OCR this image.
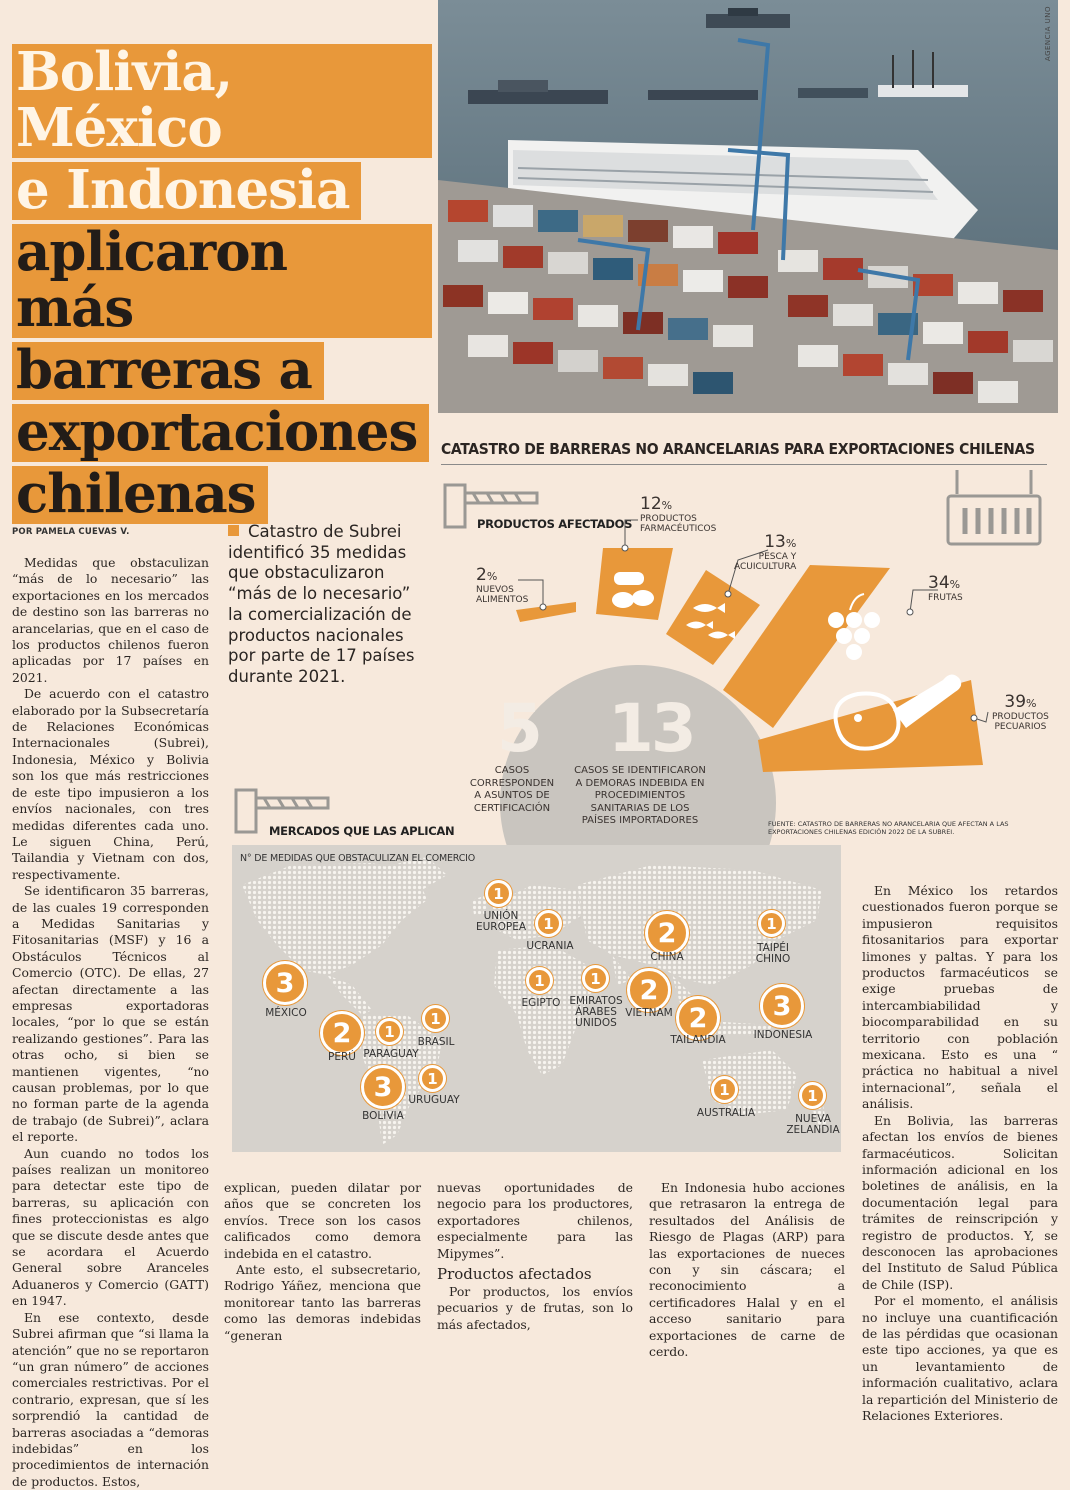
Bolivia, México
e Indonesia
aplicaron más
barreras a
exportaciones
chilenas
AGENCIA UNO
CATASTRO DE BARRERAS NO ARANCELARIAS PARA EXPORTACIONES CHILENAS
PRODUCTOS AFECTADOS
2%
NUEVOS
ALIMENTOS
12%
PRODUCTOS
FARMACÉUTICOS
13%
PESCA Y
ACUICULTURA
34%
FRUTAS
39%
PRODUCTOS
PECUARIOS
5
CASOS
CORRESPONDEN
A ASUNTOS DE
CERTIFICACIÓN
13
CASOS SE IDENTIFICARON
A DEMORAS INDEBIDA EN
PROCEDIMIENTOS
SANITARIAS DE LOS
PAÍSES IMPORTADORES	FUENTE: CATASTRO DE BARRERAS NO ARANCELARIA QUE AFECTAN A LAS EXPORTACIONES CHILENAS EDICIÓN 2022 DE LA SUBREI.
MERCADOS QUE LAS APLICAN
N° DE MEDIDAS QUE OBSTACULIZAN EL COMERCIO
1
UNIÓN
EUROPEA	1
UCRANIA	2
CHINA
1
TAIPÉI
CHINO
3
MÉXICO
1
EGIPTO
1
EMIRATOS
ÁRABES
UNIDOS
2
VIETNAM 2
TAILANDIA
3
INDONESIA
2
PERÚ
1
PARAGUAY
1
BRASIL
3
BOLIVIA
1
URUGUAY
1
AUSTRALIA
1
NUEVA
ZELANDIA
POR PAMELA CUEVAS V.	Catastro de Subrei identificó 35 medidas que obstaculizaron “más de lo necesario” la comercialización de productos nacionales por parte de 17 países durante 2021.

Medidas que obstaculizan “más de lo necesario” las exportaciones en los mercados de destino son las barreras no arancelarias, que en el caso de los productos chilenos fueron aplicadas por 17 países en 2021.

De acuerdo con el catastro elaborado por la Subsecretaría de Relaciones Económicas Internacionales (Subrei), Indonesia, México y Bolivia son los que más restricciones de este tipo impusieron a los envíos nacionales, con tres medidas diferentes cada uno. Le siguen China, Perú, Tailandia y Vietnam con dos, respectivamente.

Se identificaron 35 barreras, de las cuales 19 corresponden a Medidas Sanitarias y Fitosanitarias (MSF) y 16 a Obstáculos Técnicos al Comercio (OTC). De ellas, 27 afectan directamente a las empresas exportadoras locales, “por lo que se están realizando gestiones”. Para las otras ocho, si bien se mantienen vigentes, “no causan problemas, por lo que no forman parte de la agenda de trabajo (de Subrei)”, aclara el reporte.

Aun cuando no todos los países realizan un monitoreo para detectar este tipo de barreras, su aplicación con fines proteccionistas es algo que se discute desde antes que se acordara el Acuerdo General sobre Aranceles Aduaneros y Comercio (GATT) en 1947.

En ese contexto, desde Subrei afirman que “si llama la atención” que no se reportaron “un gran número” de acciones comerciales restrictivas. Por el contrario, expresan, que sí les sorprendió la cantidad de barreras asociadas a “demoras indebidas” en los procedimientos de internación de productos. Estos,

explican, pueden dilatar por años que se concreten los envíos. Trece son los casos calificados como demora indebida en el catastro.

Ante esto, el subsecretario, Rodrigo Yáñez, menciona que monitorear tanto las barreras como las demoras indebidas “generan

nuevas oportunidades de negocio para los productores, exportadores chilenos, especialmente para las Mipymes”.

Productos afectados

Por productos, los envíos pecuarios y de frutas, son lo más afectados,

En Indonesia hubo acciones que retrasaron la entrega de resultados del Análisis de Riesgo de Plagas (ARP) para las exportaciones de nueces con y sin cáscara; el reconocimiento a certificadores Halal y en el acceso sanitario para exportaciones de carne de cerdo.

En México los retardos cuestionados fueron porque se impusieron requisitos fitosanitarios para exportar limones y paltas. Y para los productos farmacéuticos se exige pruebas de intercambiabilidad y biocomparabilidad en su territorio con población mexicana. Esto es una “ práctica no habitual a nivel internacional”, señala el análisis.

En Bolivia, las barreras afectan los envíos de bienes farmacéuticos. Solicitan información adicional en los boletines de análisis, en la documentación legal para trámites de reinscripción y registro de productos. Y, se desconocen las aprobaciones del Instituto de Salud Pública de Chile (ISP).

Por el momento, el análisis no incluye una cuantificación de las pérdidas que ocasionan este tipo acciones, ya que es un levantamiento de información cualitativo, aclara la repartición del Ministerio de Relaciones Exteriores.
